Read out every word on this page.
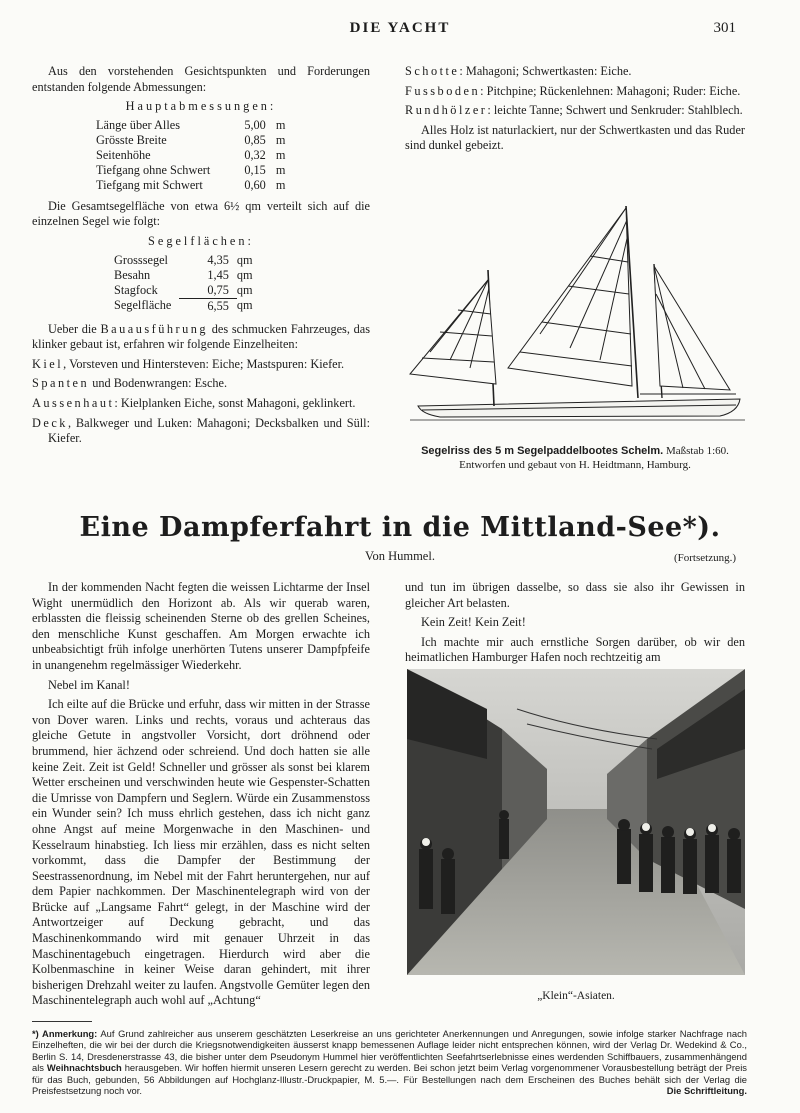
DIE YACHT	301

Aus den vorstehenden Gesichtspunkten und Forderungen entstanden folgende Abmessungen:

Hauptabmessungen:
Länge über Alles	5,00	m
Grösste Breite	0,85	m
Seitenhöhe	0,32	m
Tiefgang ohne Schwert	0,15	m
Tiefgang mit Schwert	0,60	m

Die Gesamtsegelfläche von etwa 6½ qm verteilt sich auf die einzelnen Segel wie folgt:

Segelflächen:
Grosssegel	4,35	qm
Besahn	1,45	qm
Stagfock	0,75	qm
Segelfläche	6,55	qm

Ueber die Bauausführung des schmucken Fahrzeuges, das klinker gebaut ist, erfahren wir folgende Einzelheiten:

Kiel, Vorsteven und Hintersteven: Eiche; Mastspuren: Kiefer.

Spanten und Bodenwrangen: Esche.

Aussenhaut: Kielplanken Eiche, sonst Mahagoni, geklinkert.

Deck, Balkweger und Luken: Mahagoni; Decksbalken und Süll: Kiefer.

Schotte: Mahagoni; Schwertkasten: Eiche.

Fussboden: Pitchpine; Rückenlehnen: Mahagoni; Ruder: Eiche.

Rundhölzer: leichte Tanne; Schwert und Senkruder: Stahlblech.

Alles Holz ist naturlackiert, nur der Schwertkasten und das Ruder sind dunkel gebeizt.

Segelriss des 5 m Segelpaddelbootes Schelm. Maßstab 1:60.
Entworfen und gebaut von H. Heidtmann, Hamburg.
Eine Dampferfahrt in die Mittland-See*).
Von Hummel.	(Fortsetzung.)

In der kommenden Nacht fegten die weissen Lichtarme der Insel Wight unermüdlich den Horizont ab. Als wir querab waren, erblassten die fleissig scheinenden Sterne ob des grellen Scheines, den menschliche Kunst geschaffen. Am Morgen erwachte ich unbeabsichtigt früh infolge unerhörten Tutens unserer Dampfpfeife in unangenehm regelmässiger Wiederkehr.

Nebel im Kanal!

Ich eilte auf die Brücke und erfuhr, dass wir mitten in der Strasse von Dover waren. Links und rechts, voraus und achteraus das gleiche Getute in angstvoller Vorsicht, dort dröhnend oder brummend, hier ächzend oder schreiend. Und doch hatten sie alle keine Zeit. Zeit ist Geld! Schneller und grösser als sonst bei klarem Wetter erscheinen und verschwinden heute wie Gespenster-Schatten die Umrisse von Dampfern und Seglern. Würde ein Zusammenstoss ein Wunder sein? Ich muss ehrlich gestehen, dass ich nicht ganz ohne Angst auf meine Morgenwache in den Maschinen- und Kesselraum hinabstieg. Ich liess mir erzählen, dass es nicht selten vorkommt, dass die Dampfer der Bestimmung der Seestrassenordnung, im Nebel mit der Fahrt heruntergehen, nur auf dem Papier nachkommen. Der Maschinentelegraph wird von der Brücke auf „Langsame Fahrt“ gelegt, in der Maschine wird der Antwortzeiger auf Deckung gebracht, und das Maschinenkommando wird mit genauer Uhrzeit in das Maschinentagebuch eingetragen. Hierdurch wird aber die Kolbenmaschine in keiner Weise daran gehindert, mit ihrer bisherigen Drehzahl weiter zu laufen. Angstvolle Gemüter legen den Maschinentelegraph auch wohl auf „Achtung“

und tun im übrigen dasselbe, so dass sie also ihr Gewissen in gleicher Art belasten.

Kein Zeit! Kein Zeit!

Ich machte mir auch ernstliche Sorgen darüber, ob wir den heimatlichen Hamburger Hafen noch rechtzeitig am

„Klein“-Asiaten.
*) Anmerkung: Auf Grund zahlreicher aus unserem geschätzten Leserkreise an uns gerichteter Anerkennungen und Anregungen, sowie infolge starker Nachfrage nach Einzelheften, die wir bei der durch die Kriegsnotwendigkeiten äusserst knapp bemessenen Auflage leider nicht entsprechen können, wird der Verlag Dr. Wedekind & Co., Berlin S. 14, Dresdenerstrasse 43, die bisher unter dem Pseudonym Hummel hier veröffentlichten Seefahrtserlebnisse eines werdenden Schiffbauers, zusammenhängend als Weihnachtsbuch herausgeben. Wir hoffen hiermit unseren Lesern gerecht zu werden. Bei schon jetzt beim Verlag vorgenommener Vorausbestellung beträgt der Preis für das Buch, gebunden, 56 Abbildungen auf Hochglanz-Illustr.-Druckpapier, M. 5.—. Für Bestellungen nach dem Erscheinen des Buches behält sich der Verlag die Preisfestsetzung noch vor.	Die Schriftleitung.
